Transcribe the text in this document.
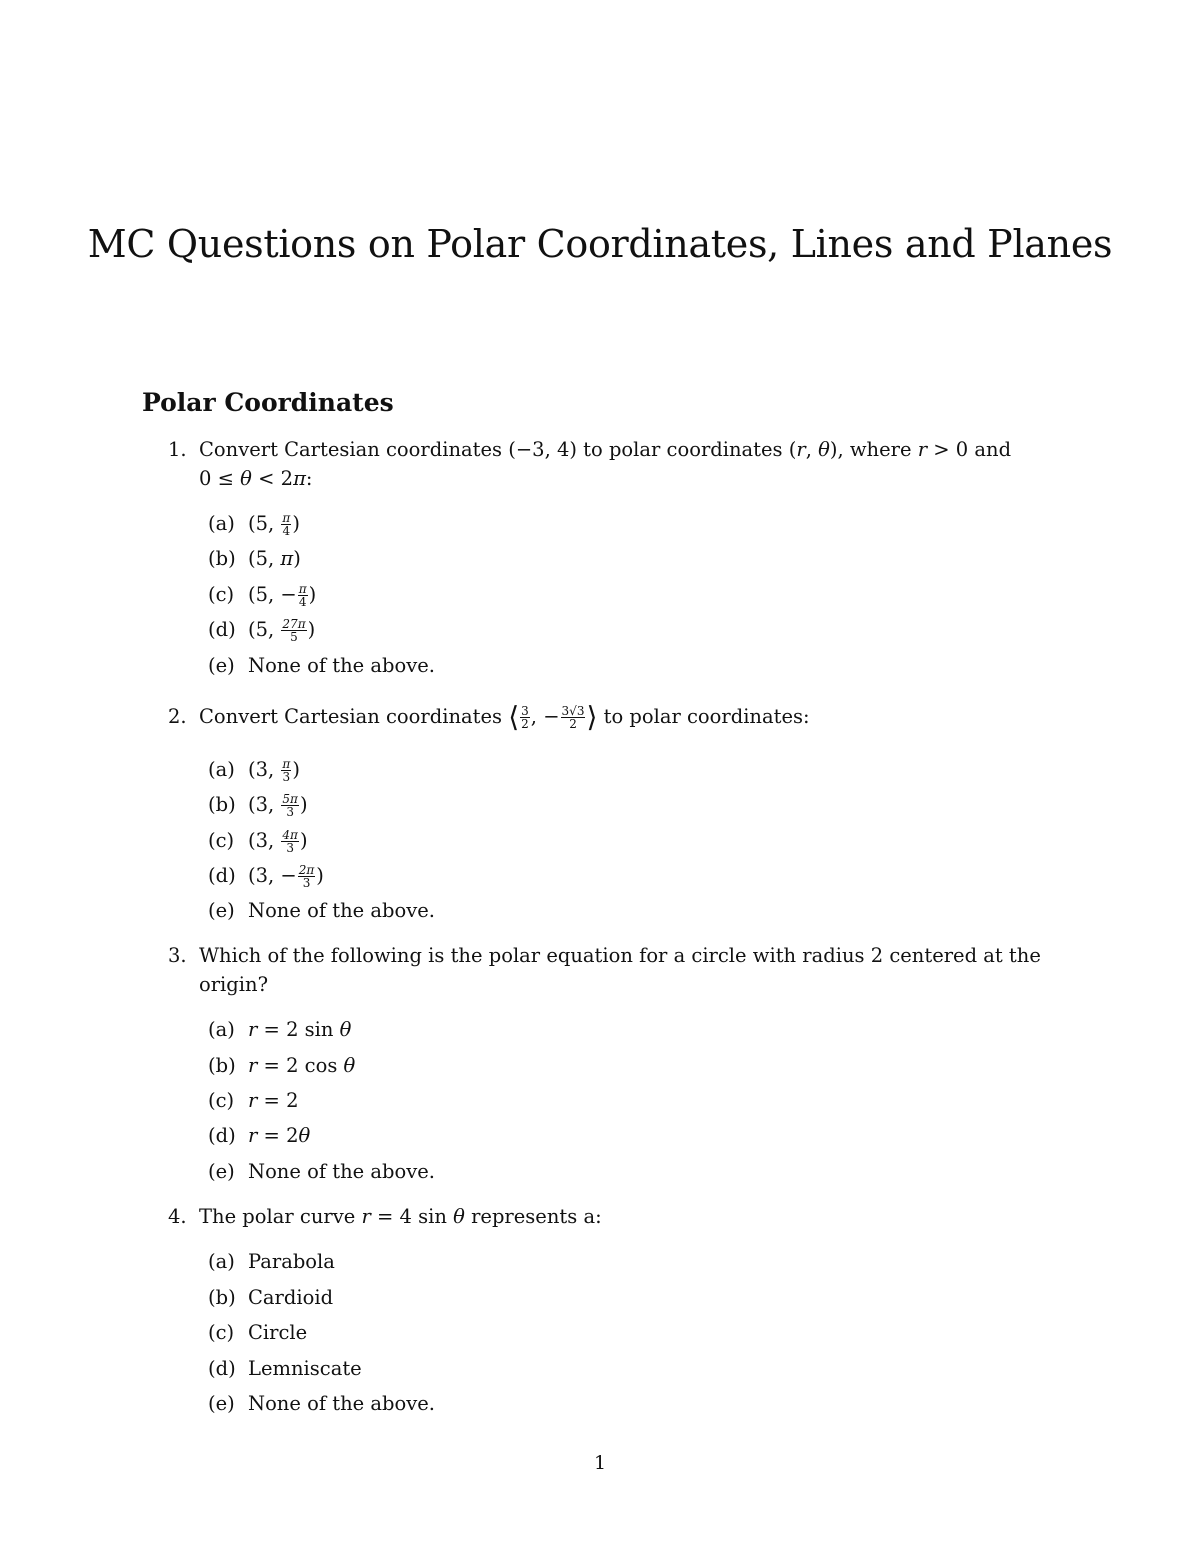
MC Questions on Polar Coordinates, Lines and Planes
Polar Coordinates
1. Convert Cartesian coordinates (−3, 4) to polar coordinates (r, θ), where r > 0 and
0 ≤ θ < 2π:
(a) (5, $\frac{\pi}{4}$ )
(b) (5, π)
(c) (5, − $\frac{\pi}{4}$ )
(d) (5, $\frac{27\pi}{5}$ )
(e) None of the above.
2. Convert Cartesian coordinates ⟨ $\frac{3}{2}$ , − $\frac{3√3}{2}$ ⟩ to polar coordinates:
(a) (3, $\frac{\pi}{3}$ )
(b) (3, $\frac{5\pi}{3}$ )
(c) (3, $\frac{4\pi}{3}$ )
(d) (3, − $\frac{2\pi}{3}$ )
(e) None of the above.
3. Which of the following is the polar equation for a circle with radius 2 centered at the
origin?
(a) r = 2 sin θ
(b) r = 2 cos θ
(c) r = 2
(d) r = 2θ
(e) None of the above.
4. The polar curve r = 4 sin θ represents a:
(a) Parabola
(b) Cardioid
(c) Circle
(d) Lemniscate
(e) None of the above.
1
